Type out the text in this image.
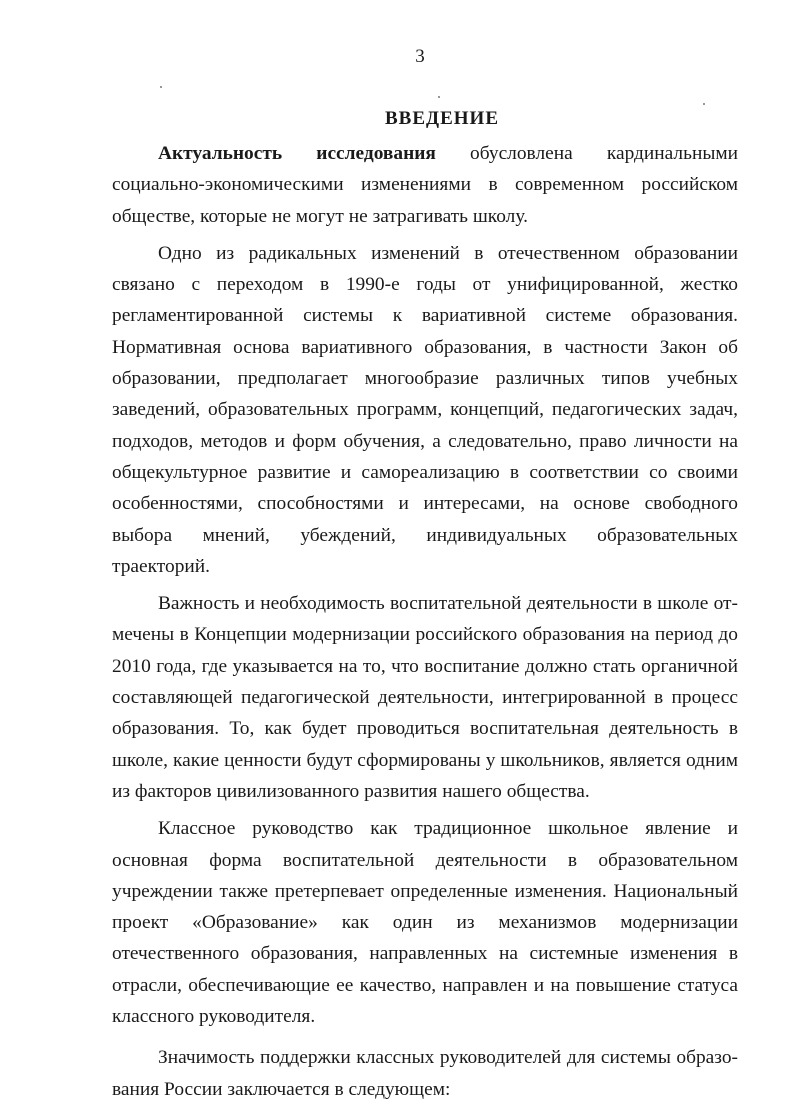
3
ВВЕДЕНИЕ

Актуальность исследования обусловлена кардинальными социально-экономическими изменениями в современном российском обществе, которые не могут не затрагивать школу.

Одно из радикальных изменений в отечественном образовании связано с переходом в 1990-е годы от унифицированной, жестко регламентированной системы к вариативной системе образования. Нормативная основа вариативного образования, в частности Закон об образовании, предполагает многообразие различных типов учебных заведений, образовательных программ, концепций, педагогических задач, подходов, методов и форм обучения, а следовательно, право личности на общекультурное развитие и самореализацию в соответствии со своими особенностями, способностями и интересами, на основе свободного выбора мнений, убеждений, индивидуальных образовательных траекторий.

Важность и необходимость воспитательной деятельности в школе отмечены в Концепции модернизации российского образования на период до 2010 года, где указывается на то, что воспитание должно стать органичной составляющей педагогической деятельности, интегрированной в процесс образования. То, как будет проводиться воспитательная деятельность в школе, какие ценности будут сформированы у школьников, является одним из факторов цивилизованного развития нашего общества.

Классное руководство как традиционное школьное явление и основная форма воспитательной деятельности в образовательном учреждении также претерпевает определенные изменения. Национальный проект «Образование» как один из механизмов модернизации отечественного образования, направленных на системные изменения в отрасли, обеспечивающие ее качество, направлен и на повышение статуса классного руководителя.

Значимость поддержки классных руководителей для системы образования России заключается в следующем:
